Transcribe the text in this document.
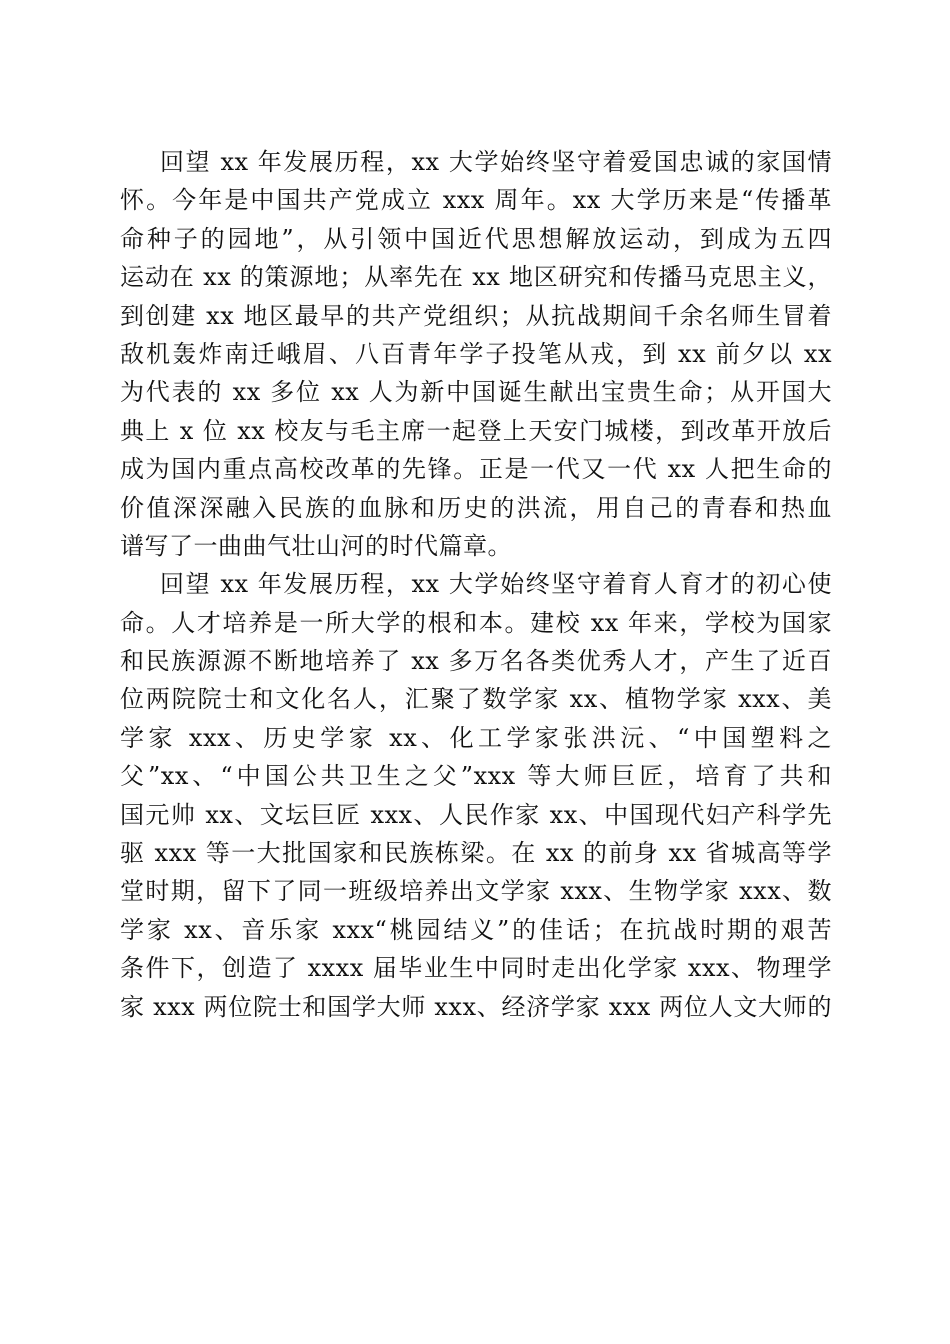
回望 xx 年发展历程，xx 大学始终坚守着爱国忠诚的家国情
怀。今年是中国共产党成立 xxx 周年。xx 大学历来是“传播革
命种子的园地”，从引领中国近代思想解放运动，到成为五四
运动在 xx 的策源地；从率先在 xx 地区研究和传播马克思主义，
到创建 xx 地区最早的共产党组织；从抗战期间千余名师生冒着
敌机轰炸南迁峨眉、八百青年学子投笔从戎，到 xx 前夕以 xx
为代表的 xx 多位 xx 人为新中国诞生献出宝贵生命；从开国大
典上 x 位 xx 校友与毛主席一起登上天安门城楼，到改革开放后
成为国内重点高校改革的先锋。正是一代又一代 xx 人把生命的
价值深深融入民族的血脉和历史的洪流，用自己的青春和热血
谱写了一曲曲气壮山河的时代篇章。
回望 xx 年发展历程，xx 大学始终坚守着育人育才的初心使
命。人才培养是一所大学的根和本。建校 xx 年来，学校为国家
和民族源源不断地培养了 xx 多万名各类优秀人才，产生了近百
位两院院士和文化名人，汇聚了数学家 xx、植物学家 xxx、美
学家 xxx、历史学家 xx、化工学家张洪沅、“中国塑料之
父”xx、“中国公共卫生之父”xxx 等大师巨匠，培育了共和
国元帅 xx、文坛巨匠 xxx、人民作家 xx、中国现代妇产科学先
驱 xxx 等一大批国家和民族栋梁。在 xx 的前身 xx 省城高等学
堂时期，留下了同一班级培养出文学家 xxx、生物学家 xxx、数
学家 xx、音乐家 xxx“桃园结义”的佳话；在抗战时期的艰苦
条件下，创造了 xxxx 届毕业生中同时走出化学家 xxx、物理学
家 xxx 两位院士和国学大师 xxx、经济学家 xxx 两位人文大师的
